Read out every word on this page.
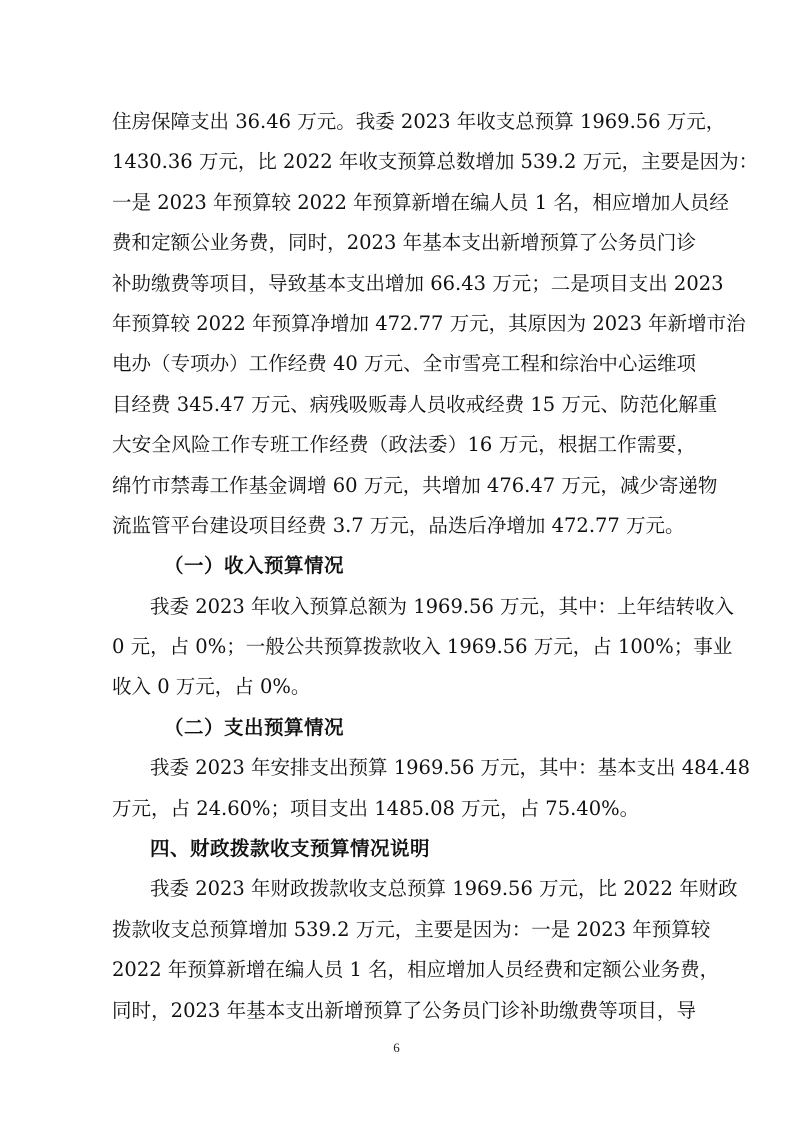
住房保障支出 36.46 万元。我委 2023 年收支总预算 1969.56 万元，
1430.36 万元，比 2022 年收支预算总数增加 539.2 万元，主要是因为：
一是 2023 年预算较 2022 年预算新增在编人员 1 名，相应增加人员经
费和定额公业务费，同时，2023 年基本支出新增预算了公务员门诊
补助缴费等项目，导致基本支出增加 66.43 万元；二是项目支出 2023
年预算较 2022 年预算净增加 472.77 万元，其原因为 2023 年新增市治
电办（专项办）工作经费 40 万元、全市雪亮工程和综治中心运维项
目经费 345.47 万元、病残吸贩毒人员收戒经费 15 万元、防范化解重
大安全风险工作专班工作经费（政法委）16 万元，根据工作需要，
绵竹市禁毒工作基金调增 60 万元，共增加 476.47 万元，减少寄递物
流监管平台建设项目经费 3.7 万元，品迭后净增加 472.77 万元。
（一）收入预算情况
我委 2023 年收入预算总额为 1969.56 万元，其中：上年结转收入
0 元，占 0%；一般公共预算拨款收入 1969.56 万元，占 100%；事业
收入 0 万元，占 0%。
（二）支出预算情况
我委 2023 年安排支出预算 1969.56 万元，其中：基本支出 484.48
万元，占 24.60%；项目支出 1485.08 万元，占 75.40%。
四、财政拨款收支预算情况说明
我委 2023 年财政拨款收支总预算 1969.56 万元，比 2022 年财政
拨款收支总预算增加 539.2 万元，主要是因为：一是 2023 年预算较
2022 年预算新增在编人员 1 名，相应增加人员经费和定额公业务费，
同时，2023 年基本支出新增预算了公务员门诊补助缴费等项目，导
6
